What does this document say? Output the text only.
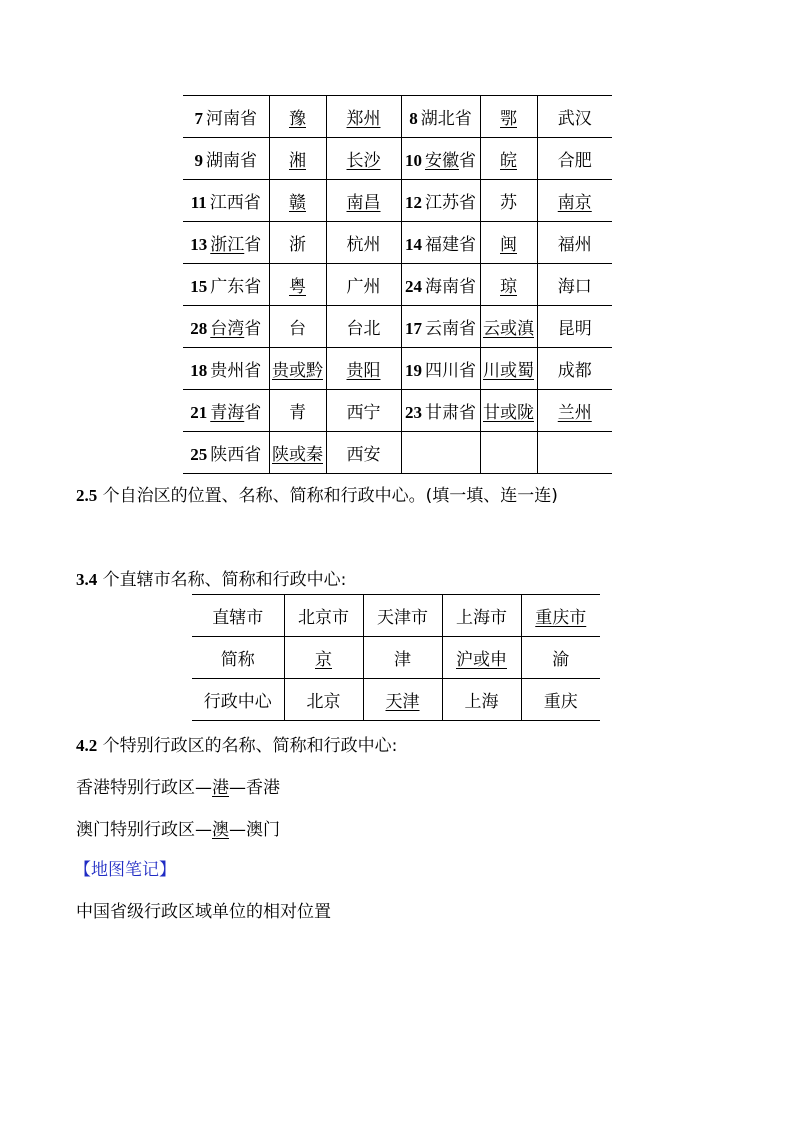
7 河南省	豫	郑州	8 湖北省	鄂	武汉
9 湖南省	湘	长沙	10 安徽省	皖	合肥
11 江西省	赣	南昌	12 江苏省	苏	南京
13 浙江省	浙	杭州	14 福建省	闽	福州
15 广东省	粤	广州	24 海南省	琼	海口
28 台湾省	台	台北	17 云南省	云或滇	昆明
18 贵州省	贵或黔	贵阳	19 四川省	川或蜀	成都
21 青海省	青	西宁	23 甘肃省	甘或陇	兰州
25 陕西省	陕或秦	西安			
2.5 个自治区的位置、名称、简称和行政中心。(填一填、连一连)
3.4 个直辖市名称、简称和行政中心:
直辖市	北京市	天津市	上海市	重庆市
简称	京	津	沪或申	渝
行政中心	北京	天津	上海	重庆
4.2 个特别行政区的名称、简称和行政中心:
香港特别行政区—港—香港
澳门特别行政区—澳—澳门
【地图笔记】
中国省级行政区域单位的相对位置
